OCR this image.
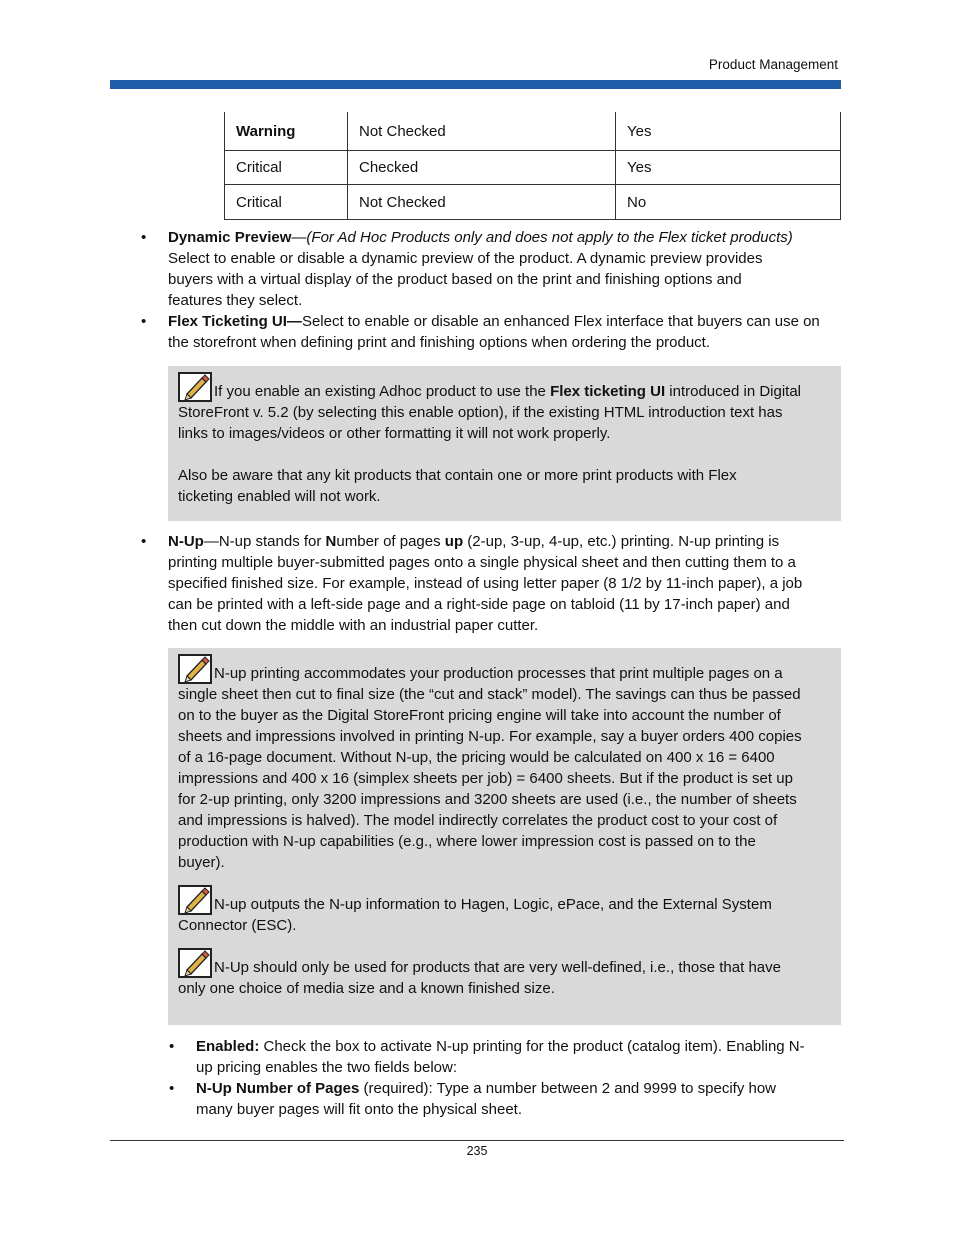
Product Management
Warning	Not Checked	Yes
Critical	Checked	Yes
Critical	Not Checked	No
• Dynamic Preview—(For Ad Hoc Products only and does not apply to the Flex ticket products)
Select to enable or disable a dynamic preview of the product. A dynamic preview provides
buyers with a virtual display of the product based on the print and finishing options and
features they select.
• Flex Ticketing UI—Select to enable or disable an enhanced Flex interface that buyers can use on
the storefront when defining print and finishing options when ordering the product.
If you enable an existing Adhoc product to use the Flex ticketing UI introduced in Digital
StoreFront v. 5.2 (by selecting this enable option), if the existing HTML introduction text has
links to images/videos or other formatting it will not work properly.
Also be aware that any kit products that contain one or more print products with Flex
ticketing enabled will not work.
• N-Up—N-up stands for Number of pages up (2-up, 3-up, 4-up, etc.) printing. N-up printing is
printing multiple buyer-submitted pages onto a single physical sheet and then cutting them to a
specified finished size. For example, instead of using letter paper (8 1/2 by 11-inch paper), a job
can be printed with a left-side page and a right-side page on tabloid (11 by 17-inch paper) and
then cut down the middle with an industrial paper cutter.
N-up printing accommodates your production processes that print multiple pages on a
single sheet then cut to final size (the “cut and stack” model). The savings can thus be passed
on to the buyer as the Digital StoreFront pricing engine will take into account the number of
sheets and impressions involved in printing N-up. For example, say a buyer orders 400 copies
of a 16-page document. Without N-up, the pricing would be calculated on 400 x 16 = 6400
impressions and 400 x 16 (simplex sheets per job) = 6400 sheets. But if the product is set up
for 2-up printing, only 3200 impressions and 3200 sheets are used (i.e., the number of sheets
and impressions is halved). The model indirectly correlates the product cost to your cost of
production with N-up capabilities (e.g., where lower impression cost is passed on to the
buyer).
N-up outputs the N-up information to Hagen, Logic, ePace, and the External System
Connector (ESC).
N-Up should only be used for products that are very well-defined, i.e., those that have
only one choice of media size and a known finished size.
• Enabled: Check the box to activate N-up printing for the product (catalog item). Enabling N-
up pricing enables the two fields below:
• N-Up Number of Pages (required): Type a number between 2 and 9999 to specify how
many buyer pages will fit onto the physical sheet.
235
